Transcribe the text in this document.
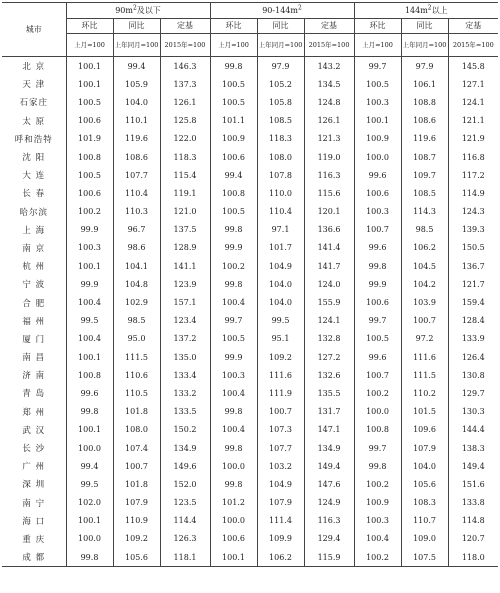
城市	$90m^2$及以下			$90-144m^2$			$144m^2$以上		
	环比	同比	定基	环比	同比	定基	环比	同比	定基
	上月=100	上年同月=100	2015年=100	上月=100	上年同月=100	2015年=100	上月=100	上年同月=100	2015年=100
北 京	100.1	99.4	146.3	99.8	97.9	143.2	99.7	97.9	145.8
天 津	100.1	105.9	137.3	100.5	105.2	134.5	100.5	106.1	127.1
石家庄	100.5	104.0	126.1	100.5	105.8	124.8	100.3	108.8	124.1
太 原	100.6	110.1	125.8	101.1	108.5	126.1	100.1	108.6	121.1
呼和浩特	101.9	119.6	122.0	100.9	118.3	121.3	100.9	119.6	121.9
沈 阳	100.8	108.6	118.3	100.6	108.0	119.0	100.0	108.7	116.8
大 连	100.5	107.7	115.4	99.4	107.8	116.3	99.6	109.7	117.2
长 春	100.6	110.4	119.1	100.8	110.0	115.6	100.6	108.5	114.9
哈尔滨	100.2	110.3	121.0	100.5	110.4	120.1	100.3	114.3	124.3
上 海	99.9	96.7	137.5	99.8	97.1	136.6	100.7	98.5	139.3
南 京	100.3	98.6	128.9	99.9	101.7	141.4	99.6	106.2	150.5
杭 州	100.1	104.1	141.1	100.2	104.9	141.7	99.8	104.5	136.7
宁 波	99.9	104.8	123.9	99.8	104.0	124.0	99.9	104.2	121.7
合 肥	100.4	102.9	157.1	100.4	104.0	155.9	100.6	103.9	159.4
福 州	99.5	98.5	123.4	99.7	99.5	124.1	99.7	100.7	128.4
厦 门	100.4	95.0	137.2	100.5	95.1	132.8	100.5	97.2	133.9
南 昌	100.1	111.5	135.0	99.9	109.2	127.2	99.6	111.6	126.4
济 南	100.8	110.6	133.4	100.3	111.6	132.6	100.7	111.5	130.8
青 岛	99.6	110.5	133.2	100.4	111.9	135.5	100.2	110.2	129.7
郑 州	99.8	101.8	133.5	99.8	100.7	131.7	100.0	101.5	130.3
武 汉	100.1	108.0	150.2	100.4	107.3	147.1	100.8	109.6	144.4
长 沙	100.0	107.4	134.9	99.8	107.7	134.9	99.7	107.9	138.3
广 州	99.4	100.7	149.6	100.0	103.2	149.4	99.8	104.0	149.4
深 圳	99.5	101.8	152.0	99.8	104.9	147.6	100.2	105.6	151.6
南 宁	102.0	107.9	123.5	101.2	107.9	124.9	100.9	108.3	133.8
海 口	100.1	110.9	114.4	100.0	111.4	116.3	100.3	110.7	114.8
重 庆	100.0	109.2	126.3	100.6	109.9	129.4	100.4	109.0	120.7
成 都	99.8	105.6	118.1	100.1	106.2	115.9	100.2	107.5	118.0
